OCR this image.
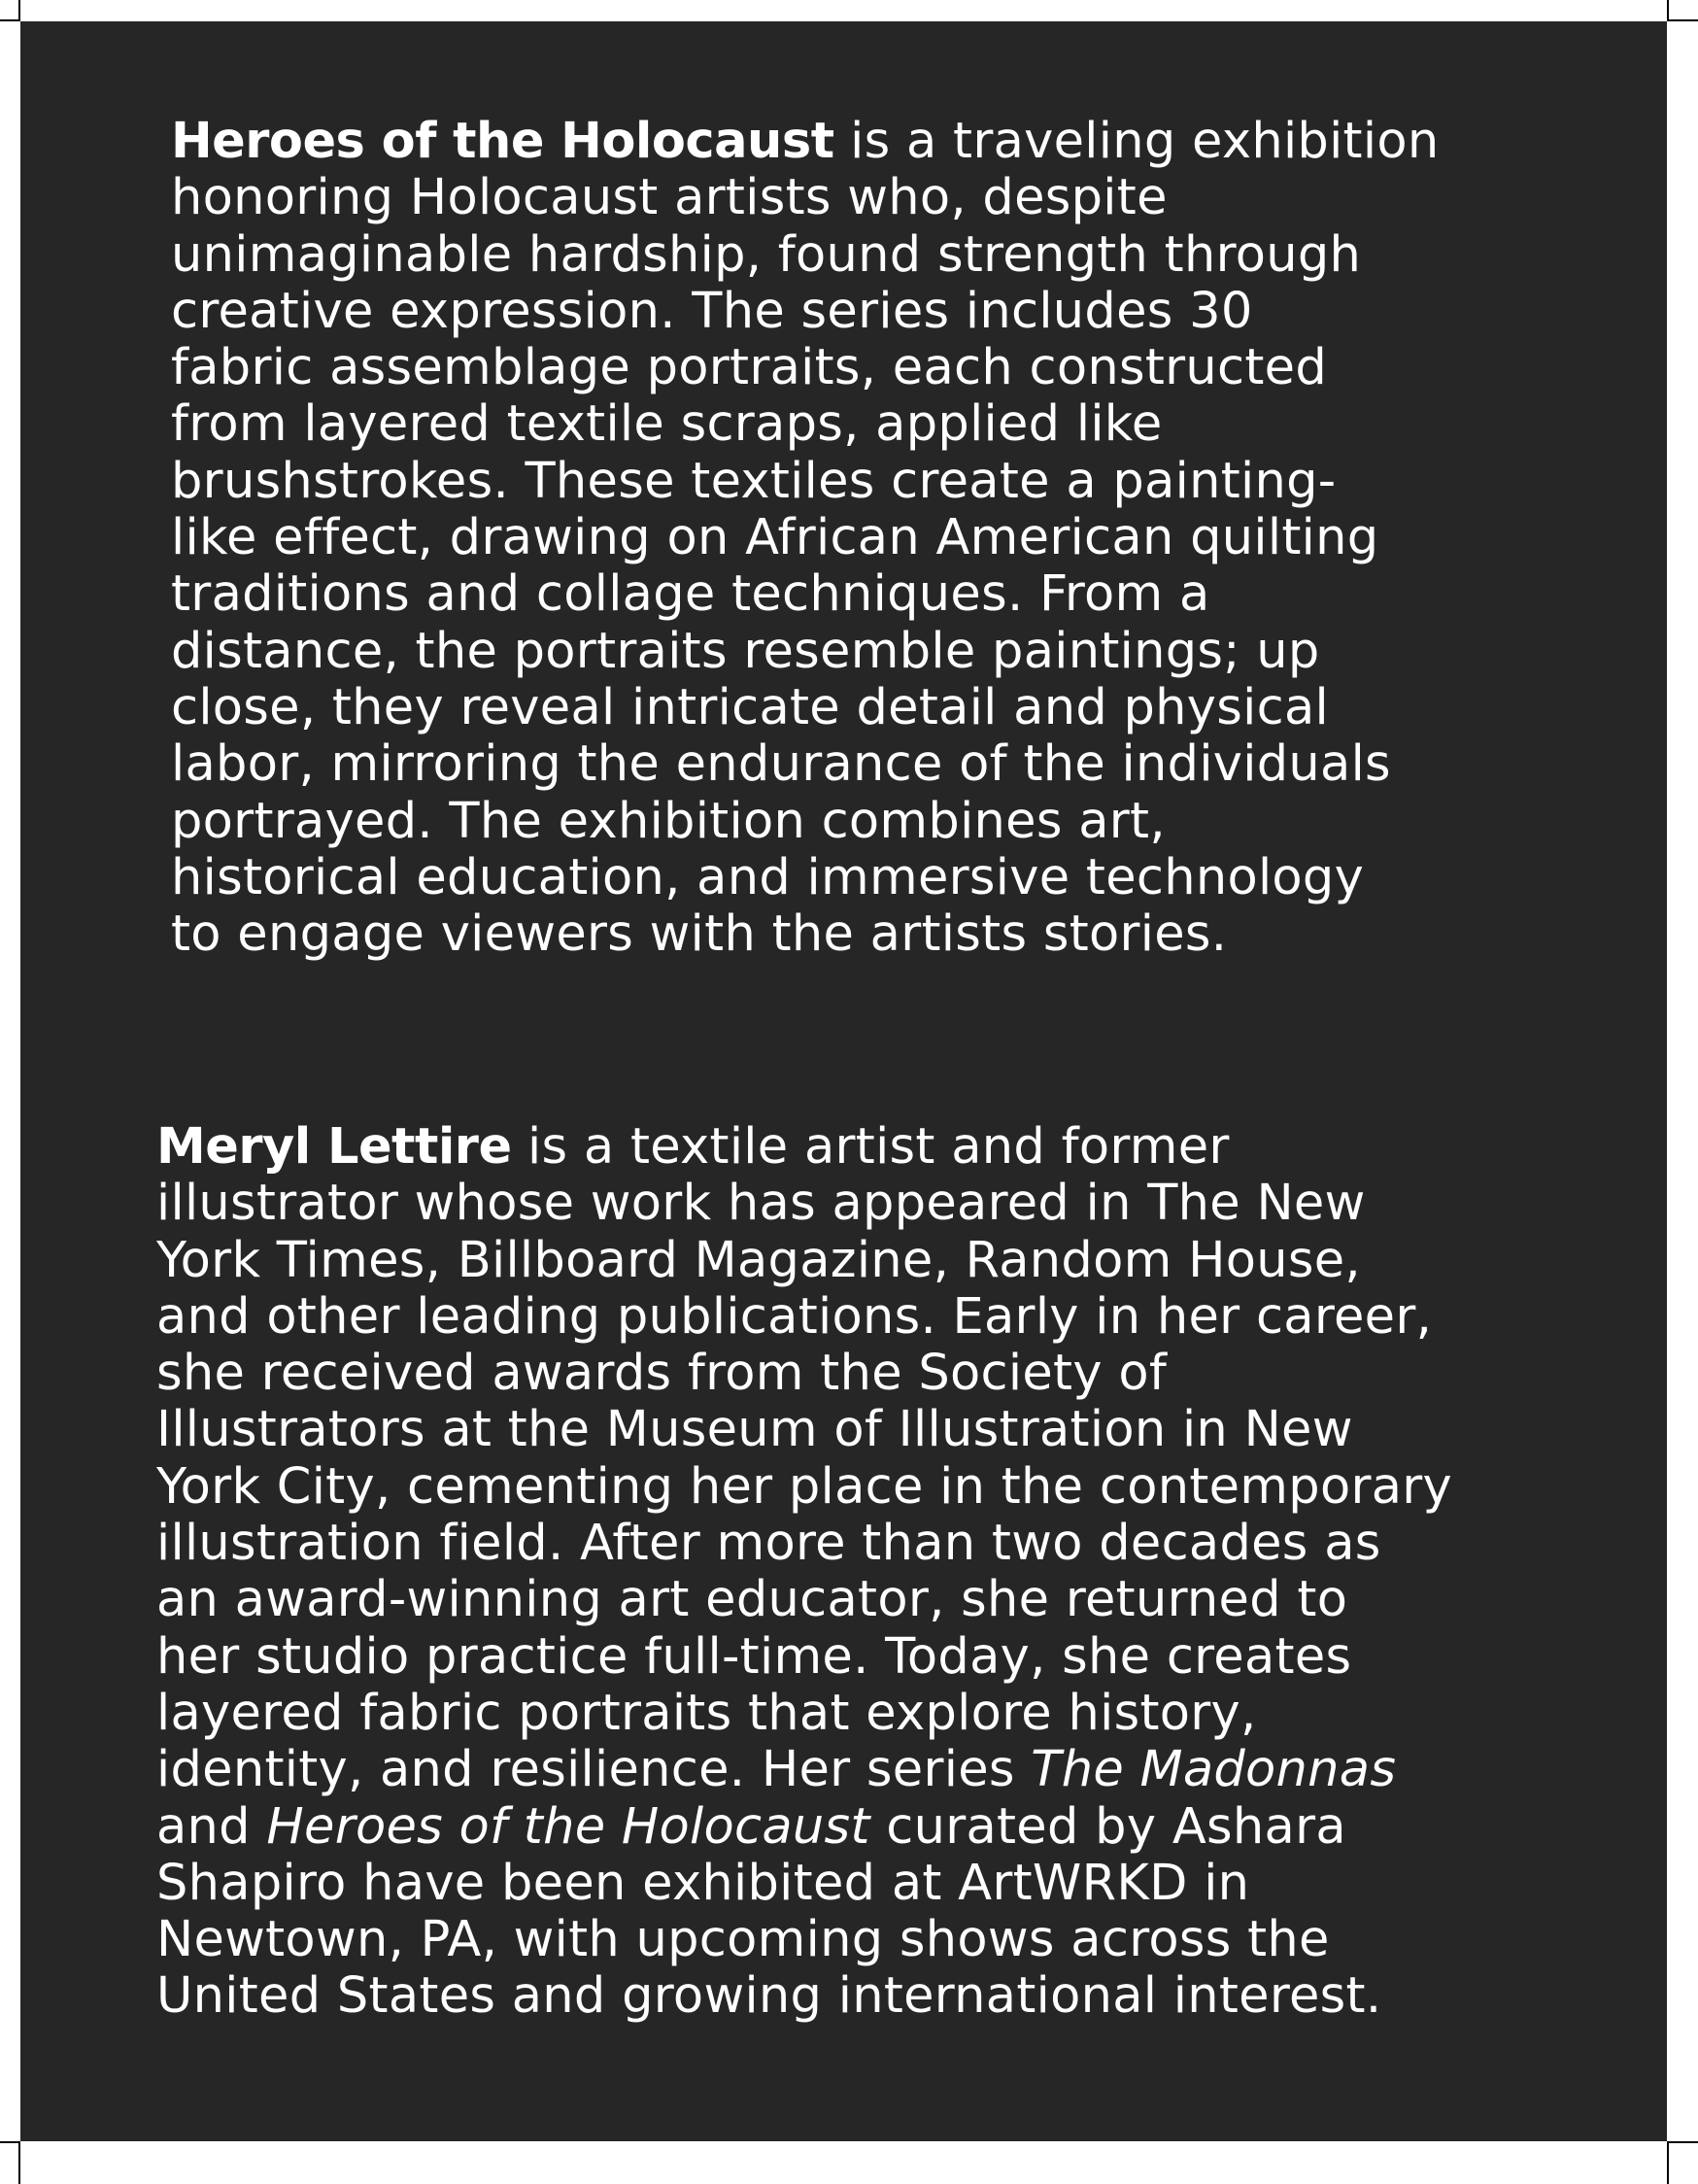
Heroes of the Holocaust is a traveling exhibition
honoring Holocaust artists who, despite
unimaginable hardship, found strength through
creative expression. The series includes 30
fabric assemblage portraits, each constructed
from layered textile scraps, applied like
brushstrokes. These textiles create a painting-
like effect, drawing on African American quilting
traditions and collage techniques. From a
distance, the portraits resemble paintings; up
close, they reveal intricate detail and physical
labor, mirroring the endurance of the individuals
portrayed. The exhibition combines art,
historical education, and immersive technology
to engage viewers with the artists stories.

Meryl Lettire is a textile artist and former
illustrator whose work has appeared in The New
York Times, Billboard Magazine, Random House,
and other leading publications. Early in her career,
she received awards from the Society of
Illustrators at the Museum of Illustration in New
York City, cementing her place in the contemporary
illustration field. After more than two decades as
an award-winning art educator, she returned to
her studio practice full-time. Today, she creates
layered fabric portraits that explore history,
identity, and resilience. Her series The Madonnas
and Heroes of the Holocaust curated by Ashara
Shapiro have been exhibited at ArtWRKD in
Newtown, PA, with upcoming shows across the
United States and growing international interest.
